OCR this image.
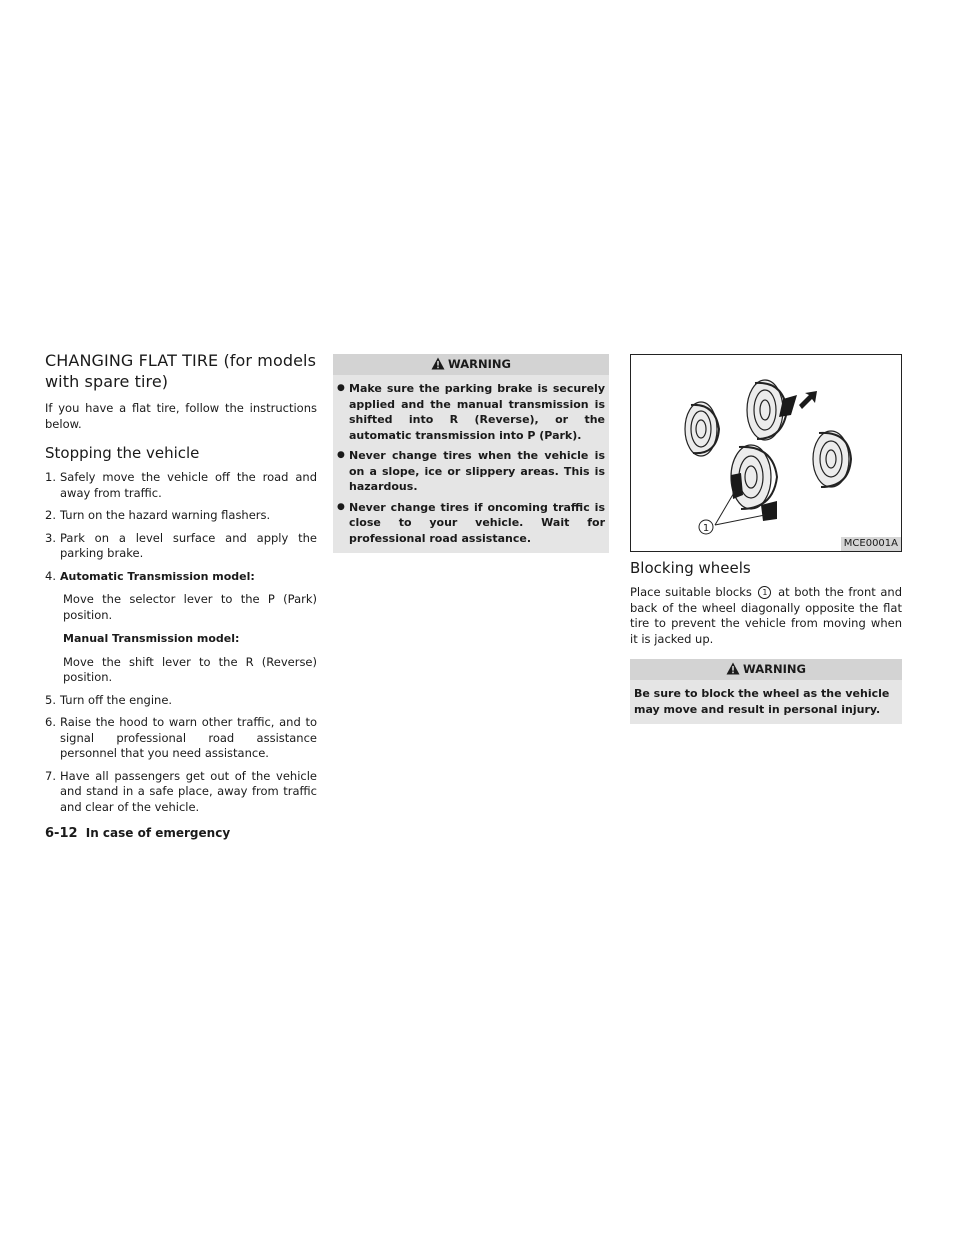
CHANGING FLAT TIRE (for models with spare tire)

If you have a flat tire, follow the instructions below.

Stopping the vehicle
1. Safely move the vehicle off the road and away from traffic.
2. Turn on the hazard warning flashers.
3. Park on a level surface and apply the parking brake.
4. Automatic Transmission model:
Move the selector lever to the P (Park) position.
Manual Transmission model:
Move the shift lever to the R (Reverse) position.
5. Turn off the engine.
6. Raise the hood to warn other traffic, and to signal professional road assistance personnel that you need assistance.
7. Have all passengers get out of the vehicle and stand in a safe place, away from traffic and clear of the vehicle.
WARNING
● Make sure the parking brake is securely applied and the manual transmission is shifted into R (Reverse), or the automatic transmission into P (Park).
● Never change tires when the vehicle is on a slope, ice or slippery areas. This is hazardous.
● Never change tires if oncoming traffic is close to your vehicle. Wait for professional road assistance.
1
MCE0001A
Blocking wheels

Place suitable blocks 1 at both the front and back of the wheel diagonally opposite the flat tire to prevent the vehicle from moving when it is jacked up.

WARNING
Be sure to block the wheel as the vehicle may move and result in personal injury.
6-12 In case of emergency
